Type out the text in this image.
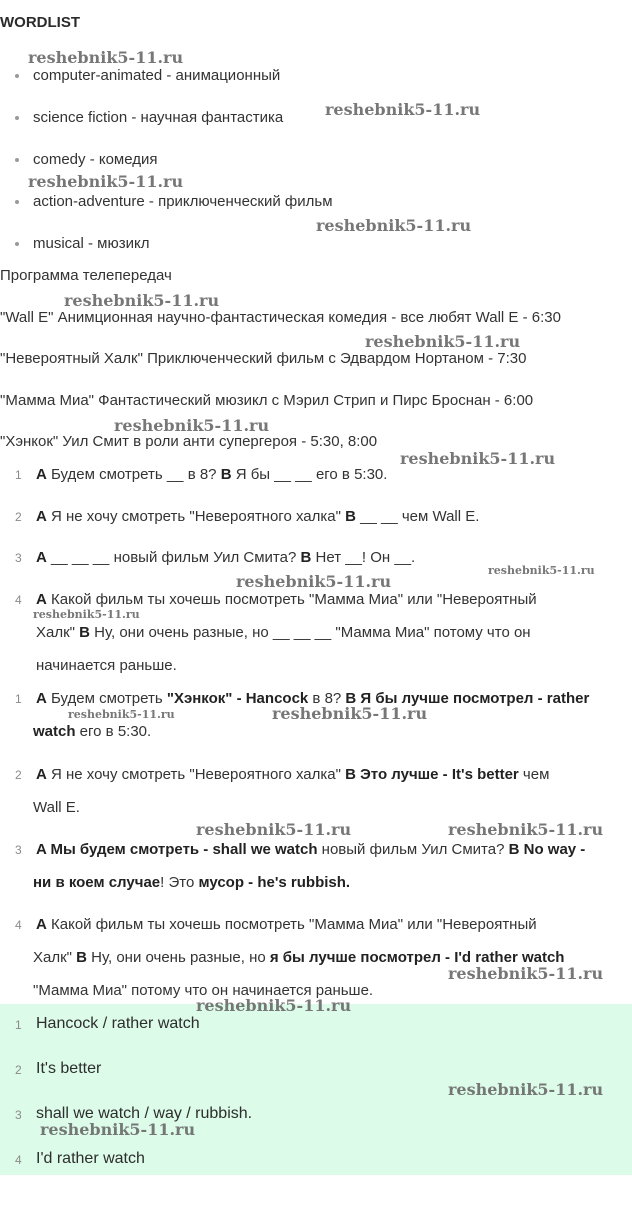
WORDLIST
computer-animated - анимационный
science fiction - научная фантастика
comedy - комедия
action-adventure - приключенческий фильм
musical - мюзикл
Программа телепередач
"Wall E" Анимционная научно-фантастическая комедия - все любят Wall E - 6:30
"Невероятный Халк" Приключенческий фильм с Эдвардом Нортаном - 7:30
"Мамма Миа" Фантастический мюзикл с Мэрил Стрип и Пирс Броснан - 6:00
"Хэнкок" Уил Смит в роли анти супергероя - 5:30, 8:00
1 A Будем смотреть __ в 8? B Я бы __ __ его в 5:30.
2 A Я не хочу смотреть "Невероятного халка" B __ __ чем Wall E.
3 A __ __ __ новый фильм Уил Смита? B Нет __! Он __.
4 A Какой фильм ты хочешь посмотреть "Мамма Миа" или "Невероятный
Халк" B Ну, они очень разные, но __ __ __ "Мамма Миа" потому что он
начинается раньше.
1 A Будем смотреть "Хэнкок" - Hancock в 8? B Я бы лучше посмотрел - rather
watch его в 5:30.
2 A Я не хочу смотреть "Невероятного халка" B Это лучше - It's better чем
Wall E.
3 A Мы будем смотреть - shall we watch новый фильм Уил Смита? B No way -
ни в коем случае! Это мусор - he's rubbish.
4 A Какой фильм ты хочешь посмотреть "Мамма Миа" или "Невероятный
Халк" B Ну, они очень разные, но я бы лучше посмотрел - I'd rather watch
"Мамма Миа" потому что он начинается раньше.
1 Hancock / rather watch
2 It's better
3 shall we watch / way / rubbish.
4 I'd rather watch
reshebnik5-11.ru
reshebnik5-11.ru
reshebnik5-11.ru
reshebnik5-11.ru
reshebnik5-11.ru
reshebnik5-11.ru
reshebnik5-11.ru
reshebnik5-11.ru
reshebnik5-11.ru
reshebnik5-11.ru
reshebnik5-11.ru
reshebnik5-11.ru	reshebnik5-11.ru
reshebnik5-11.ru	reshebnik5-11.ru
reshebnik5-11.ru
reshebnik5-11.ru
reshebnik5-11.ru
reshebnik5-11.ru
